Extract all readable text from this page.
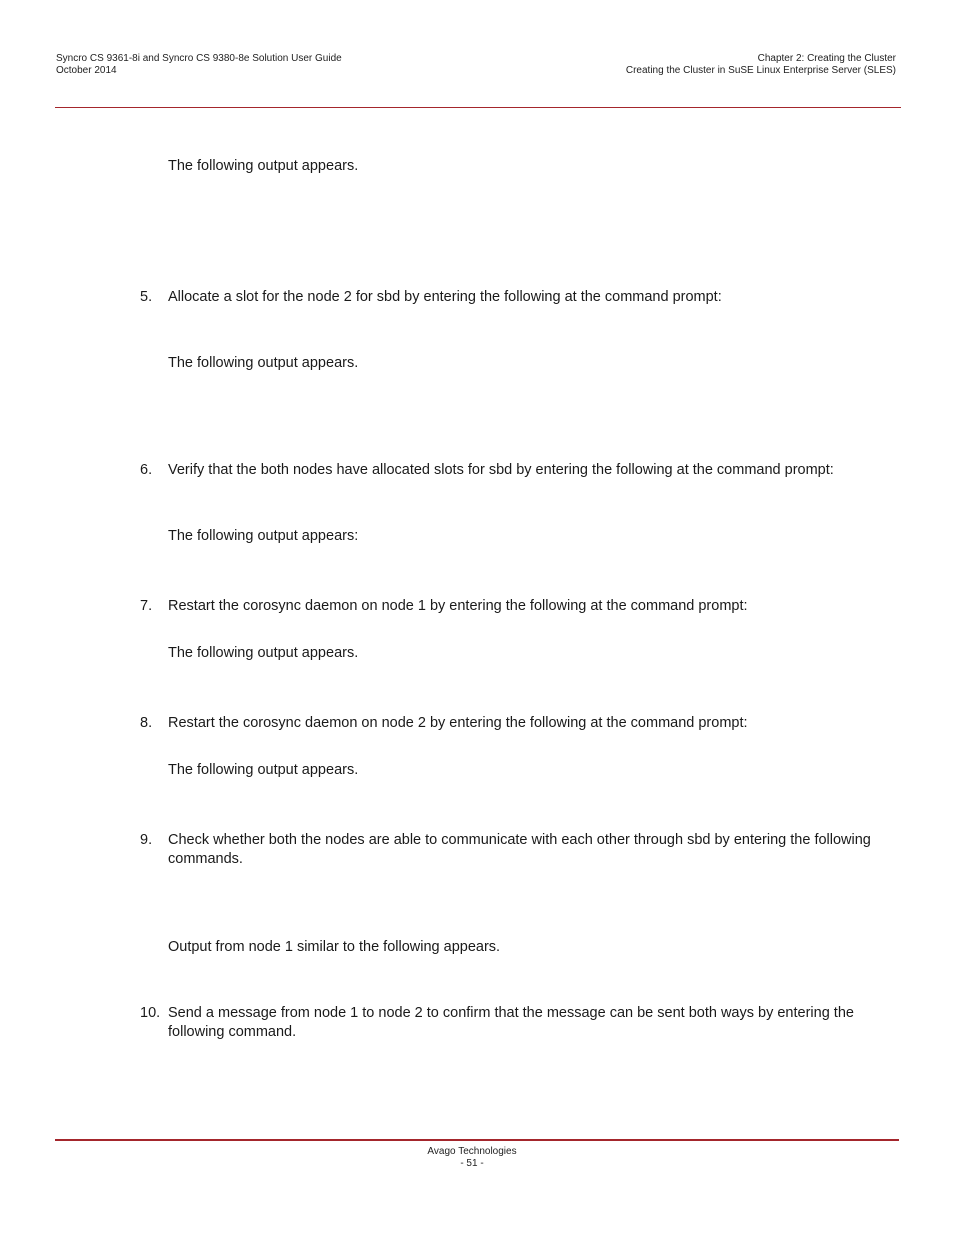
Syncro CS 9361-8i and Syncro CS 9380-8e Solution User Guide
October 2014
Chapter 2: Creating the Cluster
Creating the Cluster in SuSE Linux Enterprise Server (SLES)
The following output appears.
5. Allocate a slot for the node 2 for sbd by entering the following at the command prompt:
The following output appears.
6. Verify that the both nodes have allocated slots for sbd by entering the following at the command prompt:
The following output appears:
7. Restart the corosync daemon on node 1 by entering the following at the command prompt:
The following output appears.
8. Restart the corosync daemon on node 2 by entering the following at the command prompt:
The following output appears.
9. Check whether both the nodes are able to communicate with each other through sbd by entering the following commands.
Output from node 1 similar to the following appears.
10. Send a message from node 1 to node 2 to confirm that the message can be sent both ways by entering the following command.
Avago Technologies
- 51 -
